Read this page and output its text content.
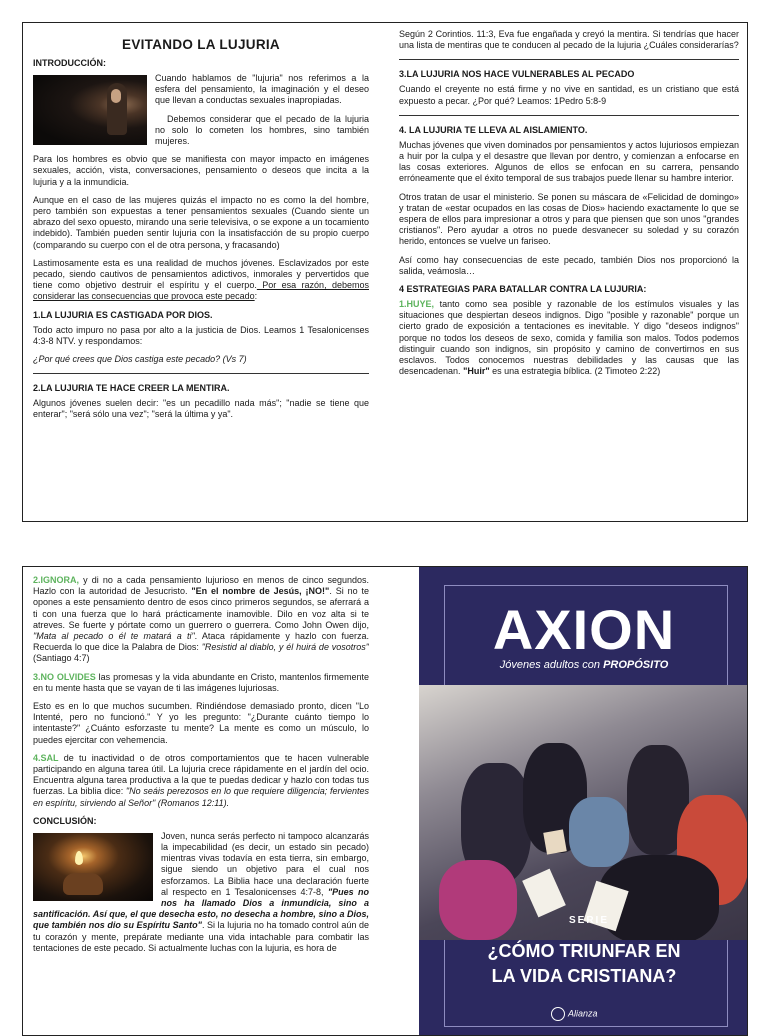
EVITANDO LA LUJURIA
INTRODUCCIÓN:

Cuando hablamos de "lujuria" nos referimos a la esfera del pensamiento, la imaginación y el deseo que llevan a conductas sexuales inapropiadas.

Debemos considerar que el pecado de la lujuria no solo lo cometen los hombres, sino también mujeres.

Para los hombres es obvio que se manifiesta con mayor impacto en imágenes sexuales, acción, vista, conversaciones, pensamiento o deseos que incita a la lujuria y a la inmundicia.

Aunque en el caso de las mujeres quizás el impacto no es como la del hombre, pero también son expuestas a tener pensamientos sexuales (Cuando siente un abrazo del sexo opuesto, mirando una serie televisiva, o se expone a un tocamiento indebido). También pueden sentir lujuria con la insatisfacción de su propio cuerpo (comparando su cuerpo con el de otra persona, y fracasando)

Lastimosamente esta es una realidad de muchos jóvenes. Esclavizados por este pecado, siendo cautivos de pensamientos adictivos, inmorales y pervertidos que tiene como objetivo destruir el espíritu y el cuerpo. Por esa razón, debemos considerar las consecuencias que provoca este pecado:

1.LA LUJURIA ES CASTIGADA POR DIOS.

Todo acto impuro no pasa por alto a la justicia de Dios. Leamos 1 Tesalonicenses 4:3-8 NTV. y respondamos:

¿Por qué crees que Dios castiga este pecado? (Vs 7)

2.LA LUJURIA TE HACE CREER LA MENTIRA.

Algunos jóvenes suelen decir: "es un pecadillo nada más"; "nadie se tiene que enterar"; "será sólo una vez"; "será la última y ya".

Según 2 Corintios. 11:3, Eva fue engañada y creyó la mentira. Si tendrías que hacer una lista de mentiras que te conducen al pecado de la lujuria ¿Cuáles considerarías?

3.LA LUJURIA NOS HACE VULNERABLES AL PECADO

Cuando el creyente no está firme y no vive en santidad, es un cristiano que está expuesto a pecar. ¿Por qué? Leamos: 1Pedro 5:8-9

4. LA LUJURIA TE LLEVA AL AISLAMIENTO.

Muchas jóvenes que viven dominados por pensamientos y actos lujuriosos empiezan a huir por la culpa y el desastre que llevan por dentro, y comienzan a enfocarse en las cosas exteriores. Algunos de ellos se enfocan en su carrera, pensando erróneamente que el éxito temporal de sus trabajos puede llenar su hambre interior.

Otros tratan de usar el ministerio. Se ponen su máscara de «Felicidad de domingo» y tratan de «estar ocupados en las cosas de Dios» haciendo exactamente lo que se espera de ellos para impresionar a otros y para que piensen que son unos "grandes cristianos". Pero ayudar a otros no puede desvanecer su soledad y su corazón herido, entonces se vuelve un fariseo.

Así como hay consecuencias de este pecado, también Dios nos proporcionó la salida, veámosla…

4 ESTRATEGIAS PARA BATALLAR CONTRA LA LUJURIA:

1.HUYE, tanto como sea posible y razonable de los estímulos visuales y las situaciones que despiertan deseos indignos. Digo "posible y razonable" porque un cierto grado de exposición a tentaciones es inevitable. Y digo "deseos indignos" porque no todos los deseos de sexo, comida y familia son malos. Todos podemos distinguir cuando son indignos, sin propósito y camino de convertirnos en sus esclavos. Todos conocemos nuestras debilidades y las causas que las desencadenan. "Huir" es una estrategia bíblica. (2 Timoteo 2:22)

2.IGNORA, y di no a cada pensamiento lujurioso en menos de cinco segundos. Hazlo con la autoridad de Jesucristo. "En el nombre de Jesús, ¡NO!". Si no te opones a este pensamiento dentro de esos cinco primeros segundos, se aferrará a ti con una fuerza que lo hará prácticamente inamovible. Dilo en voz alta si te atreves. Se fuerte y pórtate como un guerrero o guerrera. Como John Owen dijo, "Mata al pecado o él te matará a ti". Ataca rápidamente y hazlo con fuerza. Recuerda lo que dice la Palabra de Dios: "Resistid al diablo, y él huirá de vosotros" (Santiago 4:7)

3.NO OLVIDES las promesas y la vida abundante en Cristo, mantenlos firmemente en tu mente hasta que se vayan de ti las imágenes lujuriosas.

Esto es en lo que muchos sucumben. Rindiéndose demasiado pronto, dicen "Lo Intenté, pero no funcionó." Y yo les pregunto: "¿Durante cuánto tiempo lo intentaste?" ¿Cuánto esforzaste tu mente? La mente es como un músculo, lo puedes ejercitar con vehemencia.

4.SAL de tu inactividad o de otros comportamientos que te hacen vulnerable participando en alguna tarea útil. La lujuria crece rápidamente en el jardín del ocio. Encuentra alguna tarea productiva a la que te puedas dedicar y hazlo con todas tus fuerzas. La biblia dice: "No seáis perezosos en lo que requiere diligencia; fervientes en espíritu, sirviendo al Señor" (Romanos 12:11).

CONCLUSIÓN:

Joven, nunca serás perfecto ni tampoco alcanzarás la impecabilidad (es decir, un estado sin pecado) mientras vivas todavía en esta tierra, sin embargo, sigue siendo un objetivo para el cual nos esforzamos. La Biblia hace una declaración fuerte al respecto en 1 Tesalonicenses 4:7-8, "Pues no nos ha llamado Dios a inmundicia, sino a santificación. Así que, el que desecha esto, no desecha a hombre, sino a Dios, que también nos dio su Espíritu Santo". Si la lujuria no ha tomado control aún de tu corazón y mente, prepárate mediante una vida intachable para combatir las tentaciones de este pecado. Si actualmente luchas con la lujuria, es hora de

AXION
Jóvenes adultos con PROPÓSITO
SERIE
¿CÓMO TRIUNFAR EN
LA VIDA CRISTIANA?
Alianza
